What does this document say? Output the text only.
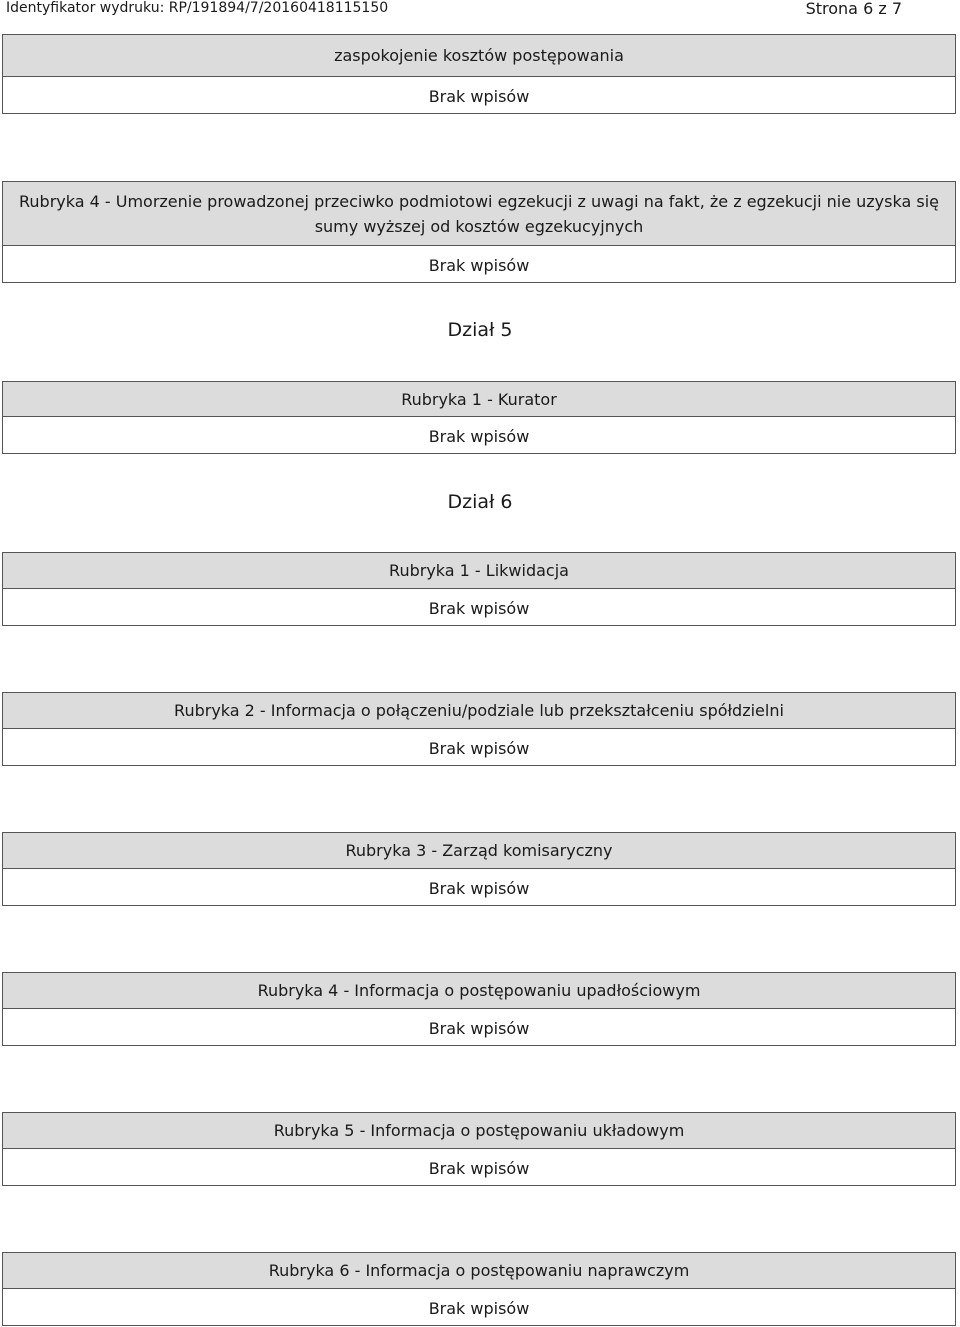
Identyfikator wydruku: RP/191894/7/20160418115150	Strona 6 z 7
zaspokojenie kosztów postępowania
Brak wpisów
Rubryka 4 - Umorzenie prowadzonej przeciwko podmiotowi egzekucji z uwagi na fakt, że z egzekucji nie uzyska się
sumy wyższej od kosztów egzekucyjnych
Brak wpisów
Dział 5
Rubryka 1 - Kurator
Brak wpisów
Dział 6
Rubryka 1 - Likwidacja
Brak wpisów
Rubryka 2 - Informacja o połączeniu/podziale lub przekształceniu spółdzielni
Brak wpisów
Rubryka 3 - Zarząd komisaryczny
Brak wpisów
Rubryka 4 - Informacja o postępowaniu upadłościowym
Brak wpisów
Rubryka 5 - Informacja o postępowaniu układowym
Brak wpisów
Rubryka 6 - Informacja o postępowaniu naprawczym
Brak wpisów
